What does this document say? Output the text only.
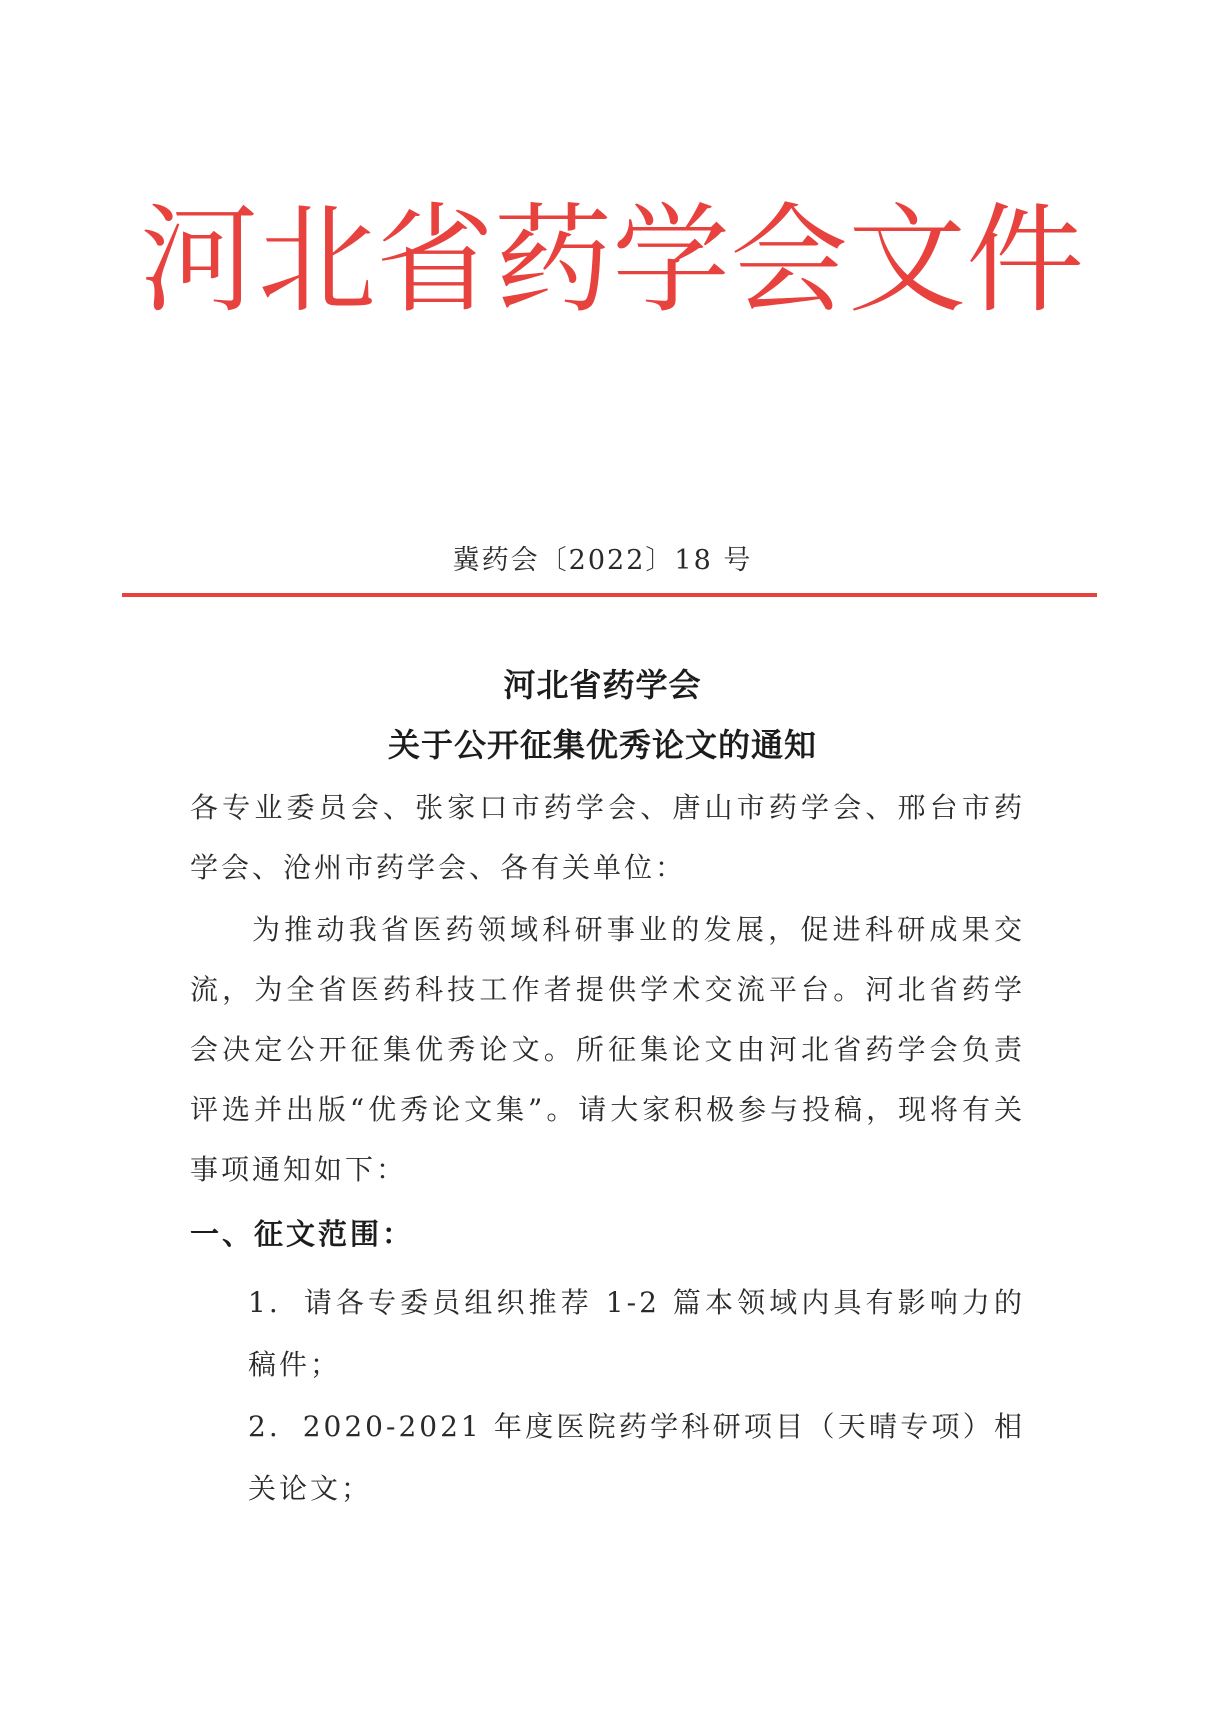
河 北 省 药 学 会 文 件
冀药会〔2022〕18 号
河北省药学会
关于公开征集优秀论文的通知
各专业委员会、张家口市药学会、唐山市药学会、邢台市药学会、沧州市药学会、各有关单位：
为推动我省医药领域科研事业的发展，促进科研成果交流，为全省医药科技工作者提供学术交流平台。河北省药学会决定公开征集优秀论文。所征集论文由河北省药学会负责评选并出版“优秀论文集”。请大家积极参与投稿，现将有关事项通知如下：
一、征文范围：
1. 请各专委员组织推荐 1-2 篇本领域内具有影响力的稿件；
2. 2020-2021 年度医院药学科研项目（天晴专项）相关论文；
